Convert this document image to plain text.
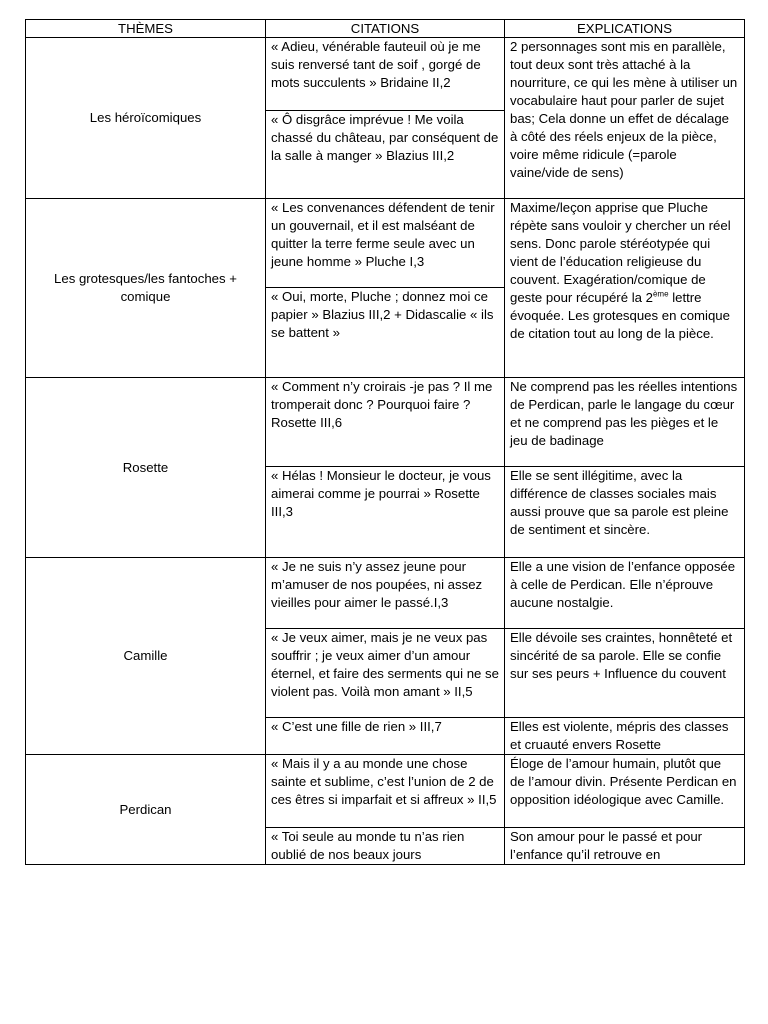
THÈMES	CITATIONS	EXPLICATIONS
Les héroïcomiques	« Adieu, vénérable fauteuil où je me suis renversé tant de soif , gorgé de mots succulents » Bridaine II,2	2 personnages sont mis en parallèle, tout deux sont très attaché à la nourriture, ce qui les mène à utiliser un vocabulaire haut pour parler de sujet bas; Cela donne un effet de décalage à côté des réels enjeux de la pièce, voire même ridicule (=parole vaine/vide de sens)
	« Ô disgrâce imprévue ! Me voila chassé du château, par conséquent de la salle à manger » Blazius III,2	
Les grotesques/les fantoches + comique	« Les convenances défendent de tenir un gouvernail, et il est malséant de quitter la terre ferme seule avec un jeune homme » Pluche I,3	Maxime/leçon apprise que Pluche répète sans vouloir y chercher un réel sens. Donc parole stéréotypée qui vient de l’éducation religieuse du couvent. Exagération/comique de geste pour récupéré la 2ème lettre évoquée. Les grotesques en comique de citation tout au long de la pièce.
	« Oui, morte, Pluche ; donnez moi ce papier » Blazius III,2 + Didascalie « ils se battent »	
Rosette	« Comment n’y croirais -je pas ? Il me tromperait donc ? Pourquoi faire ? Rosette III,6	Ne comprend pas les réelles intentions de Perdican, parle le langage du cœur et ne comprend pas les pièges et le jeu de badinage
	« Hélas ! Monsieur le docteur, je vous aimerai comme je pourrai » Rosette III,3	Elle se sent illégitime, avec la différence de classes sociales mais aussi prouve que sa parole est pleine de sentiment et sincère.
Camille	« Je ne suis n’y assez jeune pour m’amuser de nos poupées, ni assez vieilles pour aimer le passé.I,3	Elle a une vision de l’enfance opposée à celle de Perdican. Elle n’éprouve aucune nostalgie.
	« Je veux aimer, mais je ne veux pas souffrir ; je veux aimer d’un amour éternel, et faire des serments qui ne se violent pas. Voilà mon amant » II,5	Elle dévoile ses craintes, honnêteté et sincérité de sa parole. Elle se confie sur ses peurs + Influence du couvent
	« C’est une fille de rien » III,7	Elles est violente, mépris des classes et cruauté envers Rosette
Perdican	« Mais il y a au monde une chose sainte et sublime, c’est l’union de 2 de ces êtres si imparfait et si affreux » II,5	Éloge de l’amour humain, plutôt que de l’amour divin. Présente Perdican en opposition idéologique avec Camille.
	« Toi seule au monde tu n’as rien oublié de nos beaux jours	Son amour pour le passé et pour l’enfance qu’il retrouve en
